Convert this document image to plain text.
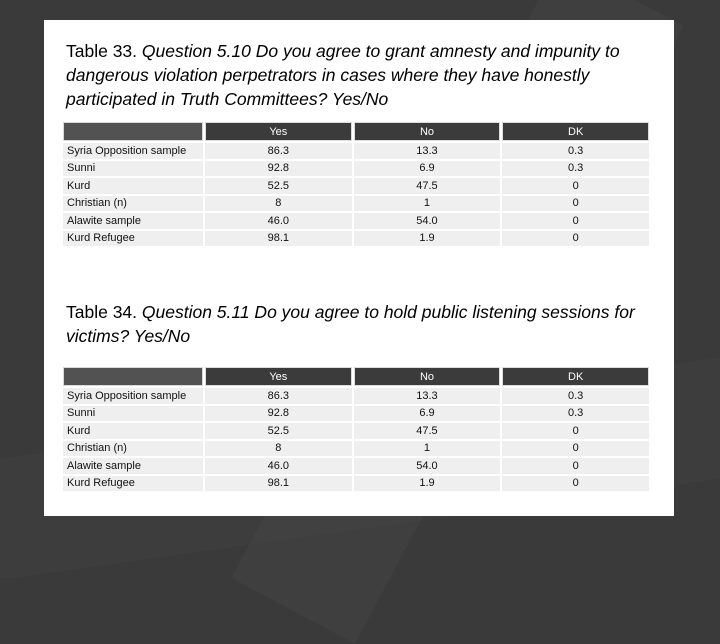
Table 33. Question 5.10 Do you agree to grant amnesty and impunity to dangerous violation perpetrators in cases where they have honestly participated in Truth Committees? Yes/No
	Yes	No	DK
Syria Opposition sample	86.3	13.3	0.3
Sunni	92.8	6.9	0.3
Kurd	52.5	47.5	0
Christian (n)	8	1	0
Alawite sample	46.0	54.0	0
Kurd Refugee	98.1	1.9	0
Table 34. Question 5.11 Do you agree to hold public listening sessions for victims? Yes/No
	Yes	No	DK
Syria Opposition sample	86.3	13.3	0.3
Sunni	92.8	6.9	0.3
Kurd	52.5	47.5	0
Christian (n)	8	1	0
Alawite sample	46.0	54.0	0
Kurd Refugee	98.1	1.9	0
